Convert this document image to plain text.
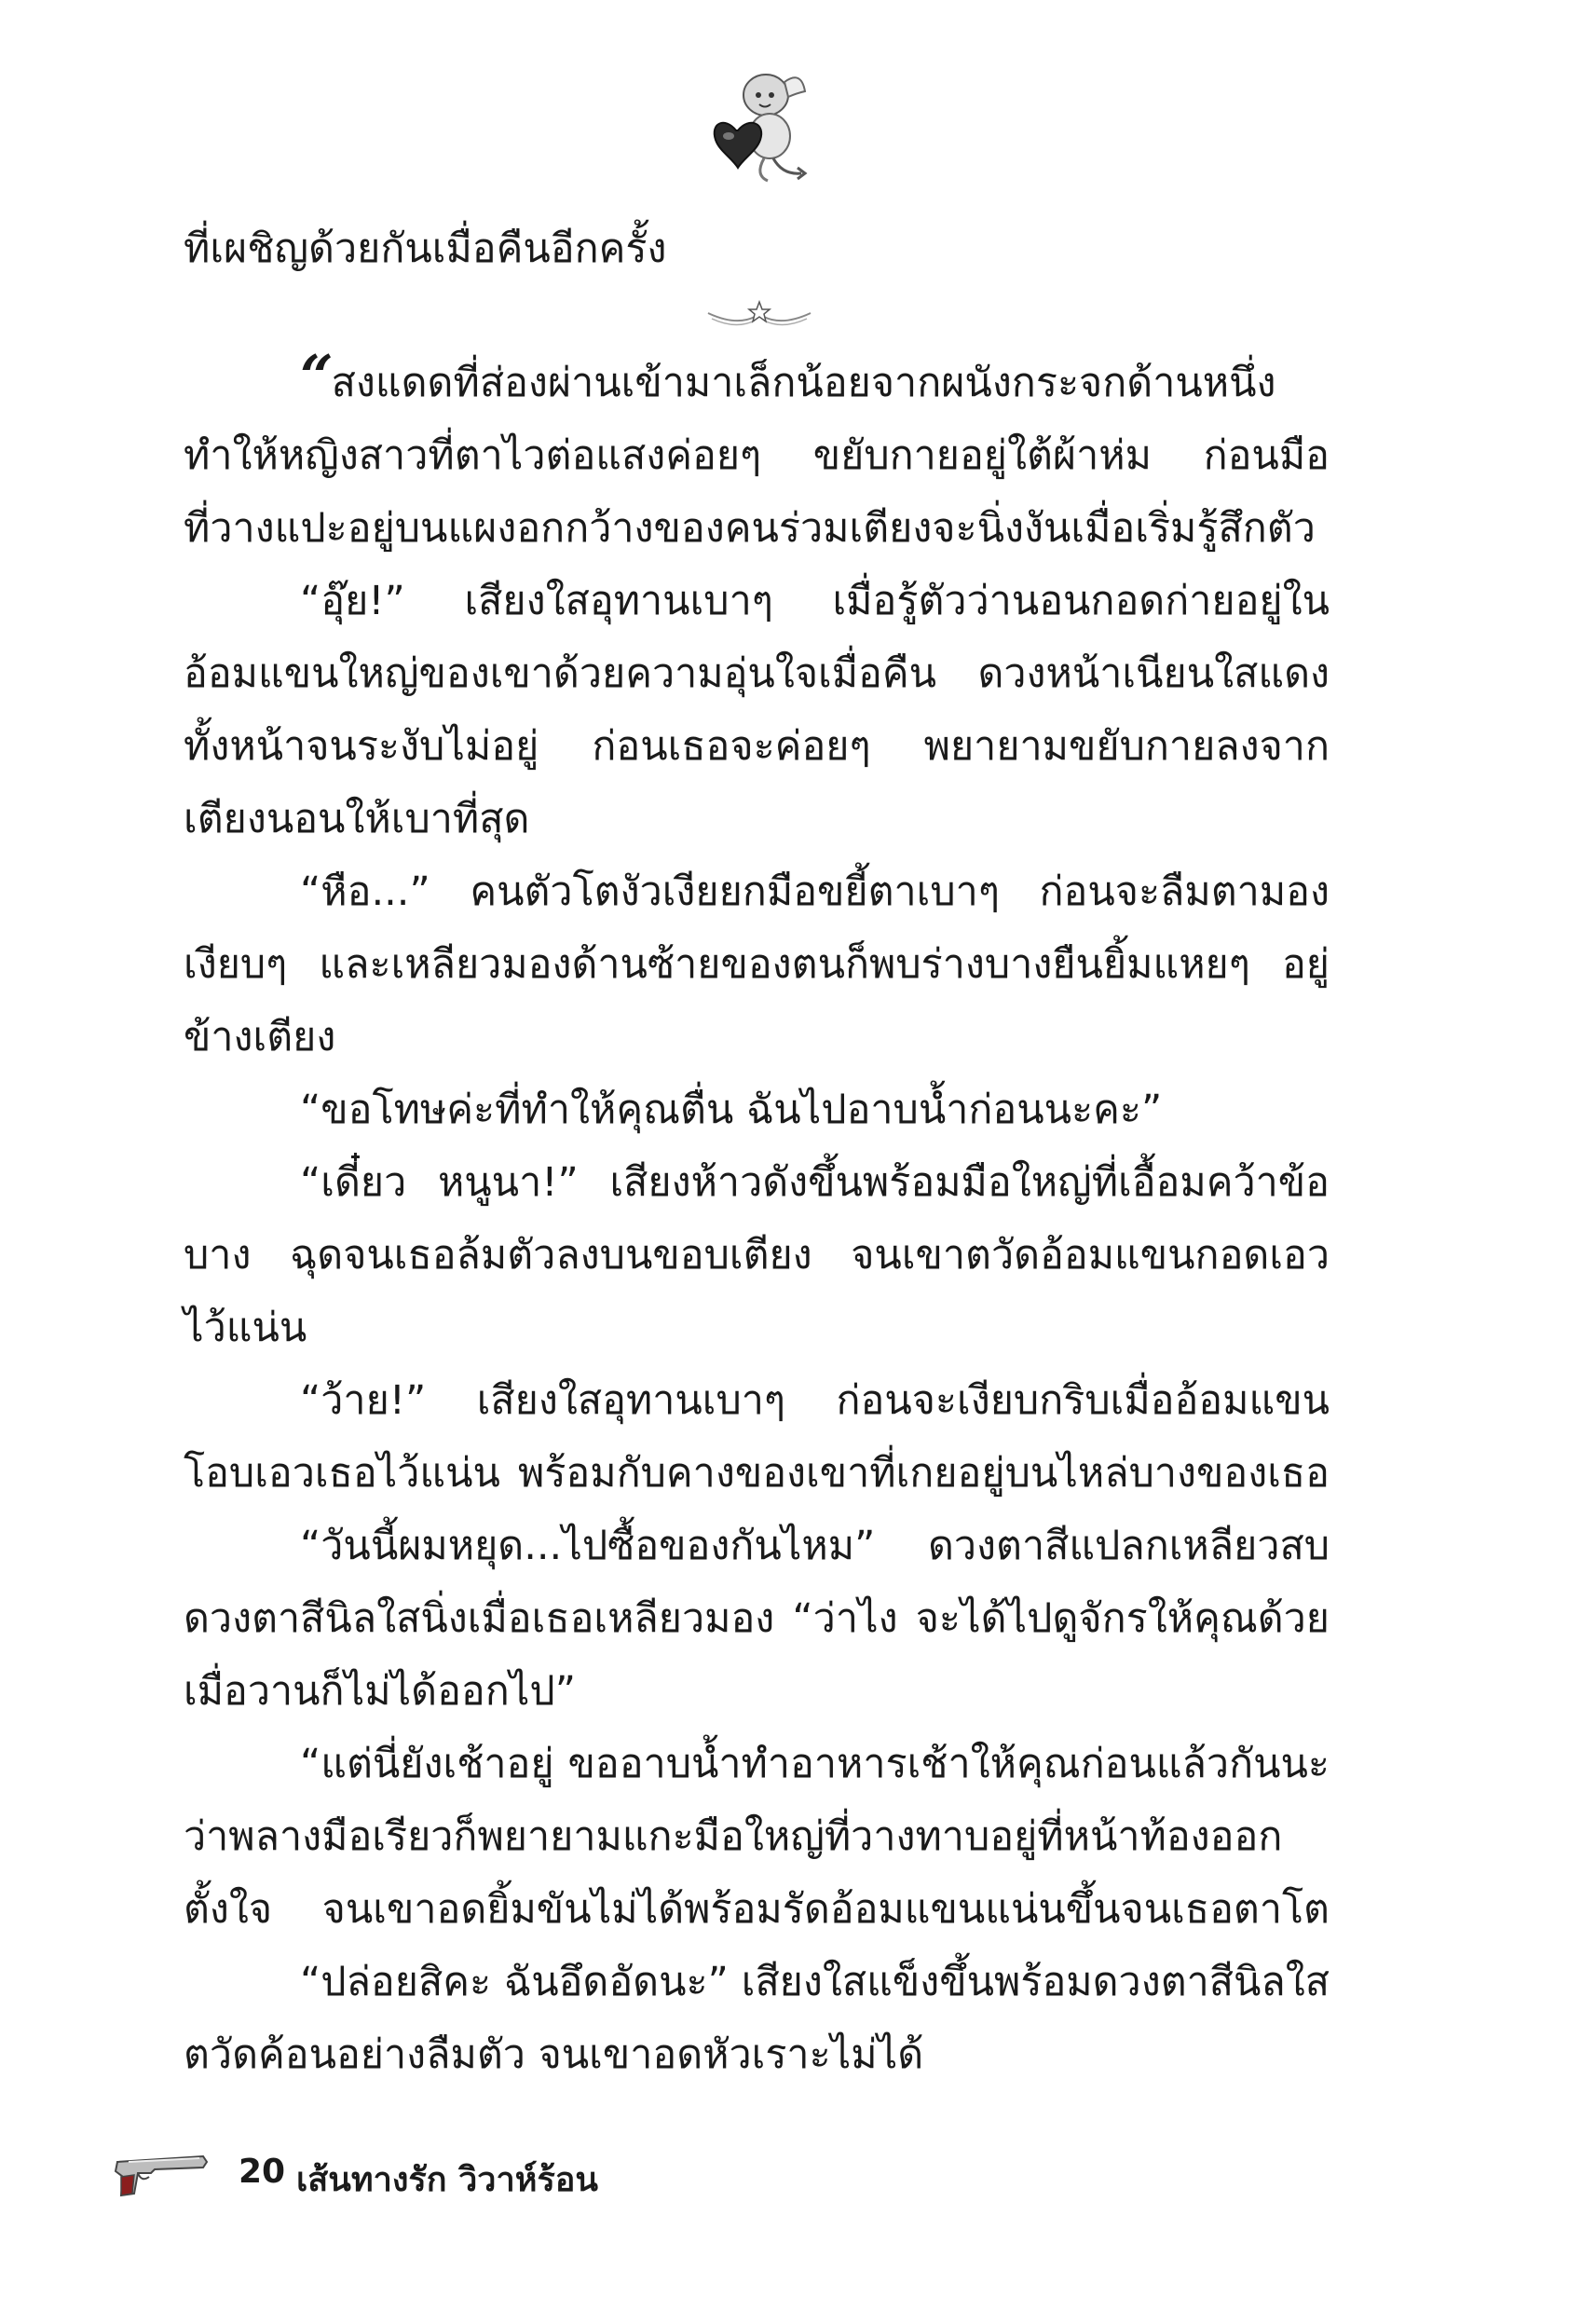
ที่เผชิญด้วยกันเมื่อคืนอีกครั้ง
“ สงแดดที่ส่องผ่านเข้ามาเล็กน้อยจากผนังกระจกด้านหนึ่ง
ทำให้หญิงสาวที่ตาไวต่อแสงค่อยๆ ขยับกายอยู่ใต้ผ้าห่ม ก่อนมือ
ที่วางแปะอยู่บนแผงอกกว้างของคนร่วมเตียงจะนิ่งงันเมื่อเริ่มรู้สึกตัว
“อุ๊ย!” เสียงใสอุทานเบาๆ เมื่อรู้ตัวว่านอนกอดก่ายอยู่ใน
อ้อมแขนใหญ่ของเขาด้วยความอุ่นใจเมื่อคืน ดวงหน้าเนียนใสแดง
ทั้งหน้าจนระงับไม่อยู่ ก่อนเธอจะค่อยๆ พยายามขยับกายลงจาก
เตียงนอนให้เบาที่สุด
“หือ...” คนตัวโตงัวเงียยกมือขยี้ตาเบาๆ ก่อนจะลืมตามอง
เงียบๆ และเหลียวมองด้านซ้ายของตนก็พบร่างบางยืนยิ้มแหยๆ อยู่
ข้างเตียง
“ขอโทษค่ะที่ทำให้คุณตื่น ฉันไปอาบน้ำก่อนนะคะ”
“เดี๋ยว หนูนา!” เสียงห้าวดังขึ้นพร้อมมือใหญ่ที่เอื้อมคว้าข้อ
บาง ฉุดจนเธอล้มตัวลงบนขอบเตียง จนเขาตวัดอ้อมแขนกอดเอว
ไว้แน่น
“ว้าย!” เสียงใสอุทานเบาๆ ก่อนจะเงียบกริบเมื่ออ้อมแขน
โอบเอวเธอไว้แน่น พร้อมกับคางของเขาที่เกยอยู่บนไหล่บางของเธอ
“วันนี้ผมหยุด...ไปซื้อของกันไหม” ดวงตาสีแปลกเหลียวสบ
ดวงตาสีนิลใสนิ่งเมื่อเธอเหลียวมอง “ว่าไง จะได้ไปดูจักรให้คุณด้วย
เมื่อวานก็ไม่ได้ออกไป”
“แต่นี่ยังเช้าอยู่ ขออาบน้ำทำอาหารเช้าให้คุณก่อนแล้วกันนะ
ว่าพลางมือเรียวก็พยายามแกะมือใหญ่ที่วางทาบอยู่ที่หน้าท้องออก
ตั้งใจ จนเขาอดยิ้มขันไม่ได้พร้อมรัดอ้อมแขนแน่นขึ้นจนเธอตาโต
“ปล่อยสิคะ ฉันอึดอัดนะ” เสียงใสแข็งขึ้นพร้อมดวงตาสีนิลใส
ตวัดค้อนอย่างลืมตัว จนเขาอดหัวเราะไม่ได้
20 เส้นทางรัก วิวาห์ร้อน
